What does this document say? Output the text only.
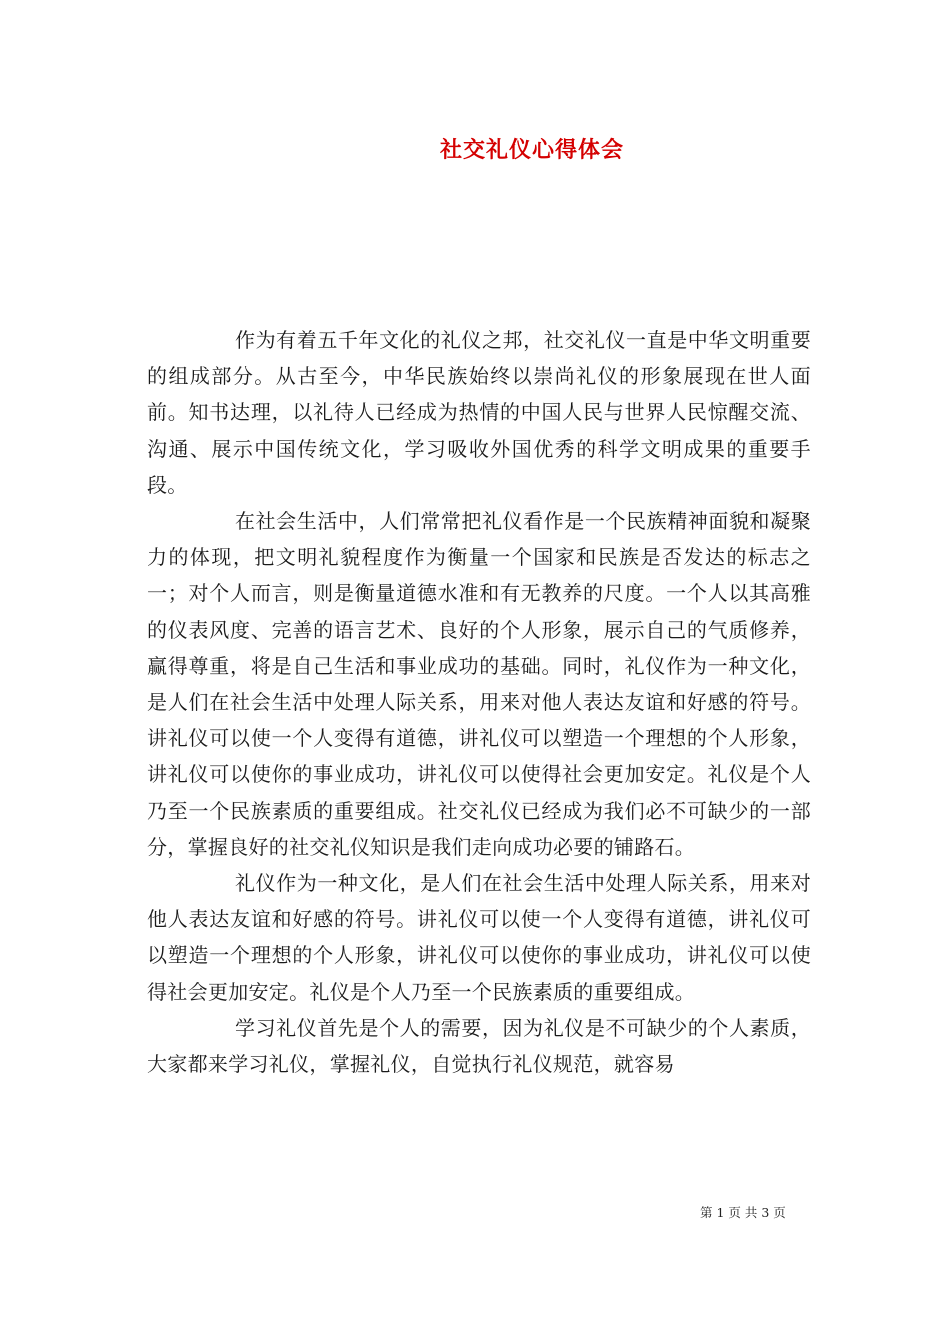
社交礼仪心得体会

作为有着五千年文化的礼仪之邦，社交礼仪一直是中华文明重要的组成部分。从古至今，中华民族始终以崇尚礼仪的形象展现在世人面前。知书达理，以礼待人已经成为热情的中国人民与世界人民惊醒交流、沟通、展示中国传统文化，学习吸收外国优秀的科学文明成果的重要手段。

在社会生活中，人们常常把礼仪看作是一个民族精神面貌和凝聚力的体现，把文明礼貌程度作为衡量一个国家和民族是否发达的标志之一；对个人而言，则是衡量道德水准和有无教养的尺度。一个人以其高雅的仪表风度、完善的语言艺术、良好的个人形象，展示自己的气质修养，赢得尊重，将是自己生活和事业成功的基础。同时，礼仪作为一种文化，是人们在社会生活中处理人际关系，用来对他人表达友谊和好感的符号。讲礼仪可以使一个人变得有道德，讲礼仪可以塑造一个理想的个人形象，讲礼仪可以使你的事业成功，讲礼仪可以使得社会更加安定。礼仪是个人乃至一个民族素质的重要组成。社交礼仪已经成为我们必不可缺少的一部分，掌握良好的社交礼仪知识是我们走向成功必要的铺路石。

礼仪作为一种文化，是人们在社会生活中处理人际关系，用来对他人表达友谊和好感的符号。讲礼仪可以使一个人变得有道德，讲礼仪可以塑造一个理想的个人形象，讲礼仪可以使你的事业成功，讲礼仪可以使得社会更加安定。礼仪是个人乃至一个民族素质的重要组成。

学习礼仪首先是个人的需要，因为礼仪是不可缺少的个人素质，大家都来学习礼仪，掌握礼仪，自觉执行礼仪规范，就容易

第 1 页 共 3 页
